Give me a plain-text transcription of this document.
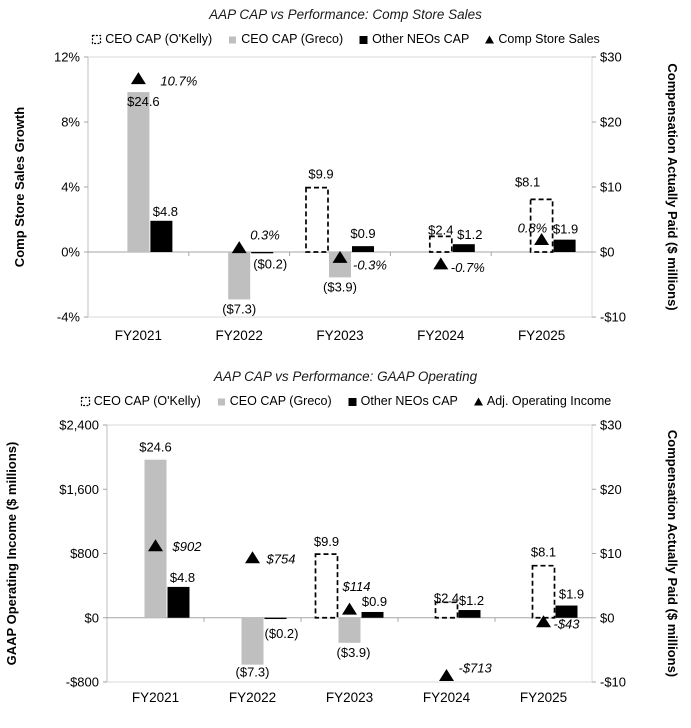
AAP CAP vs Performance: Comp Store Sales
CEO CAP (O'Kelly) CEO CAP (Greco) Other NEOs CAP Comp Store Sales
12%	$30
8%	$20
4%	$10
0%	$0
-4%	-$10
FY2021	FY2022	FY2023	FY2024	FY2025
Comp Store Sales Growth	Compensation Actually Paid ($ millions)
$24.6
$4.8
($7.3)
($0.2)
$9.9
($3.9)
$0.9	$2.4 $1.2
$8.1
$1.9
10.7%
0.3%
-0.3%	-0.7%
0.8%
AAP CAP vs Performance: GAAP Operating
CEO CAP (O'Kelly) CEO CAP (Greco) Other NEOs CAP Adj. Operating Income
$2,400	$30
$1,600	$20
$800	$10
$0	$0
-$800	-$10
FY2021	FY2022	FY2023	FY2024	FY2025
GAAP Operating Income ($ millions)	Compensation Actually Paid ($ millions)
$24.6
$4.8
($7.3)
($0.2)
$9.9
($3.9)
$0.9	$2.4 $1.2
$8.1
$1.9
$902
$754
$114
-$713
-$43
